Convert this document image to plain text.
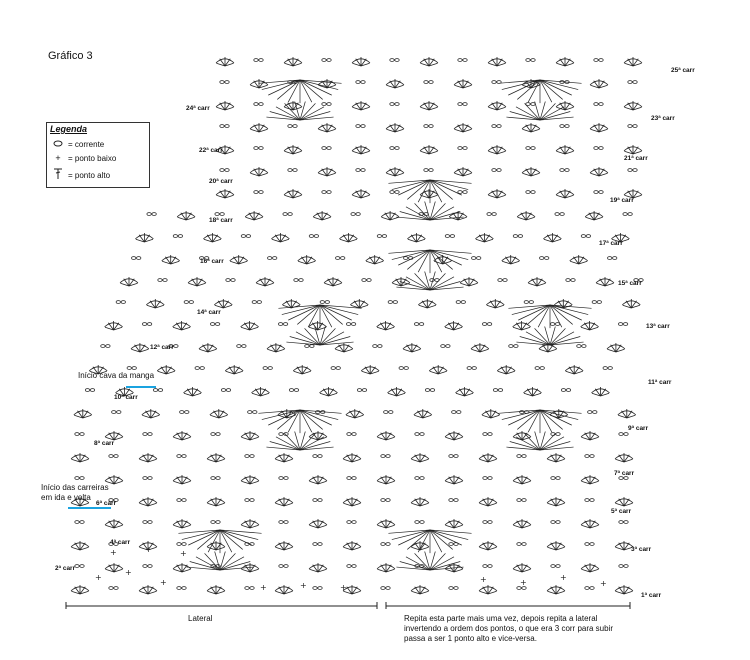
Gráfico 3
Legenda
= corrente
+ = ponto baixo
= ponto alto
+
+
+
+	+	+
+	+
+
+
+	+	+
25ª carr
23ª carr
21ª carr
19ª carr
17ª carr
15ª carr
13ª carr
11ª carr
9ª carr
7ª carr
5ª carr
3ª carr
1ª carr
24ª carr
22ª carr
20ª carr
18ª carr
16ª carr
14ª carr
12ª carr
10ª carr
8ª carr
6ª carr
4ª carr
2ª carr
Início cava da manga
Início das carreiras
em ida e volta
Lateral	Repita esta parte mais uma vez, depois repita a lateral invertendo a ordem dos pontos, o que era 3 corr para subir passa a ser 1 ponto alto e vice-versa.
